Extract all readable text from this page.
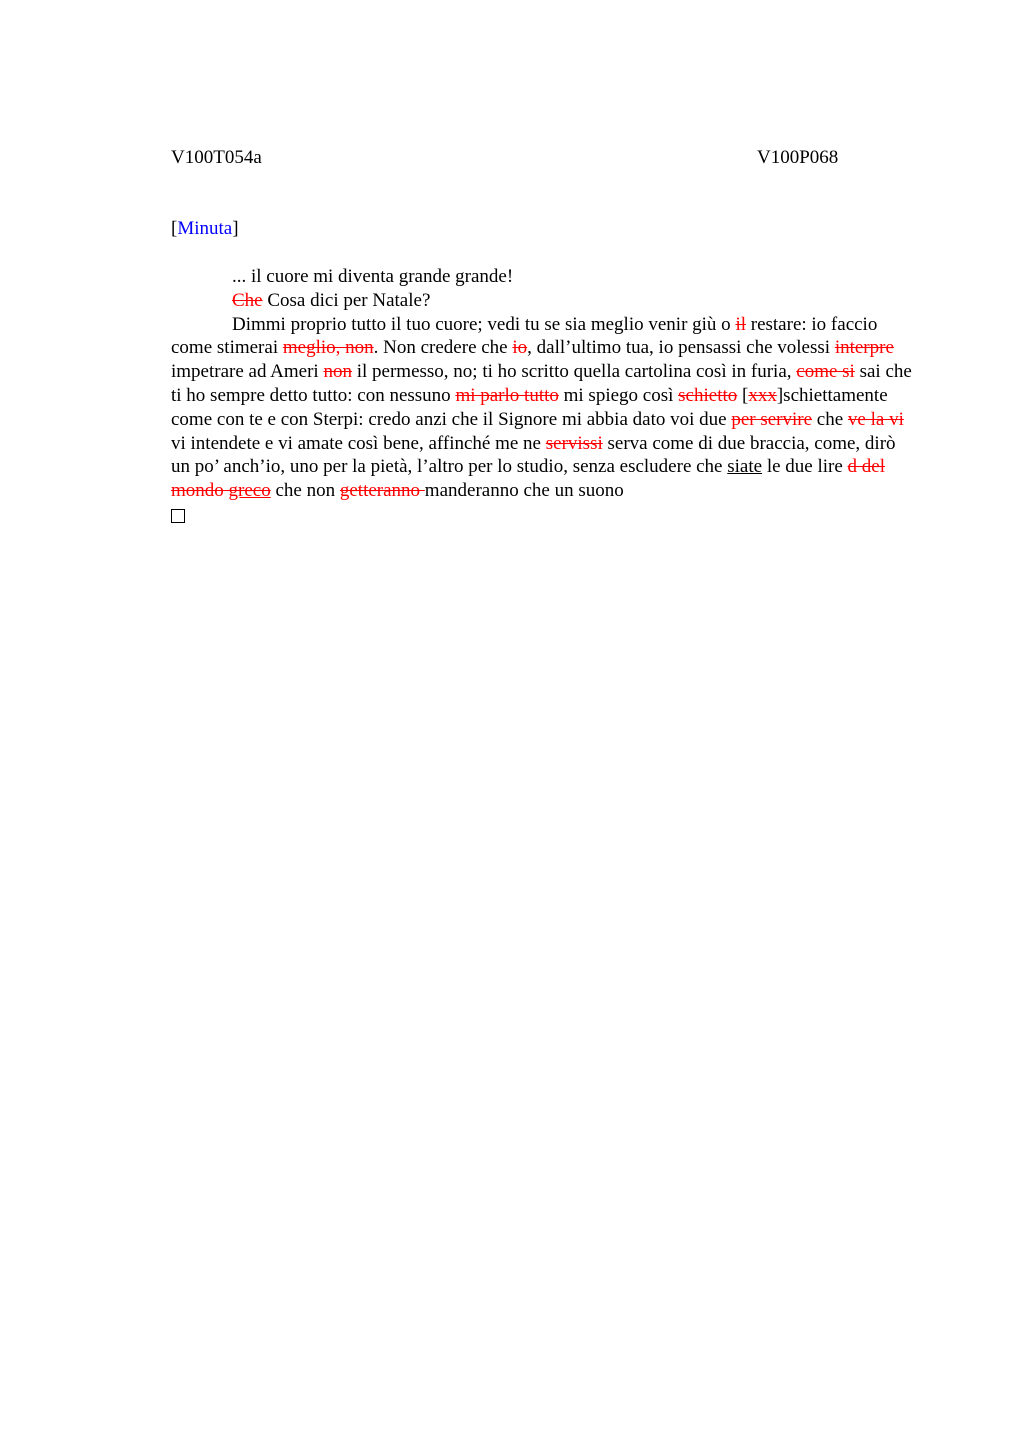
V100T054a	V100P068
[Minuta]

... il cuore mi diventa grande grande!

Che Cosa dici per Natale?

Dimmi proprio tutto il tuo cuore; vedi tu se sia meglio venir giù o il restare: io faccio come stimerai meglio, non. Non credere che io, dall’ultimo tua, io pensassi che volessi interpre impetrare ad Ameri non il permesso, no; ti ho scritto quella cartolina così in furia, come si sai che ti ho sempre detto tutto: con nessuno mi parlo tutto mi spiego così schietto [xxx]schiettamente come con te e con Sterpi: credo anzi che il Signore mi abbia dato voi due per servire che ve la vi vi intendete e vi amate così bene, affinché me ne servissi serva come di due braccia, come, dirò un po’ anch’io, uno per la pietà, l’altro per lo studio, senza escludere che siate le due lire d del mondo greco che non getteranno manderanno che un suono
